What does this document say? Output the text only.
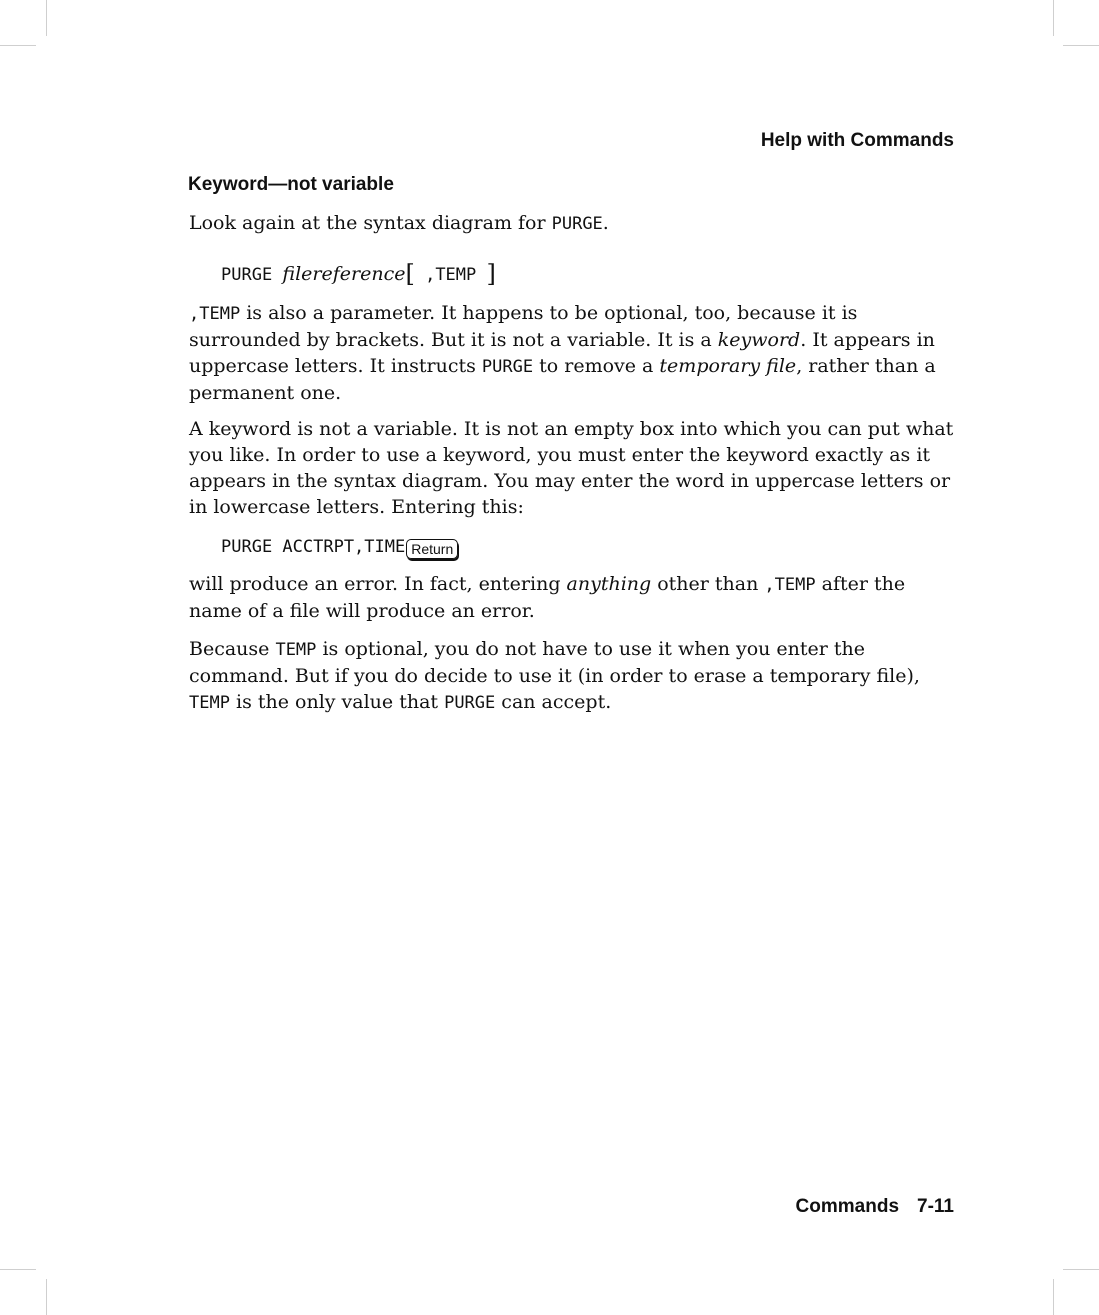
Help with Commands
Keyword—not variable

Look again at the syntax diagram for PURGE.

PURGE filereference[ ,TEMP ]

,TEMP is also a parameter. It happens to be optional, too, because it is surrounded by brackets. But it is not a variable. It is a keyword. It appears in uppercase letters. It instructs PURGE to remove a temporary file, rather than a permanent one.

A keyword is not a variable. It is not an empty box into which you can put what you like. In order to use a keyword, you must enter the keyword exactly as it appears in the syntax diagram. You may enter the word in uppercase letters or in lowercase letters. Entering this:

PURGE ACCTRPT,TIME Return

will produce an error. In fact, entering anything other than ,TEMP after the name of a file will produce an error.

Because TEMP is optional, you do not have to use it when you enter the command. But if you do decide to use it (in order to erase a temporary file), TEMP is the only value that PURGE can accept.

Commands 7-11
